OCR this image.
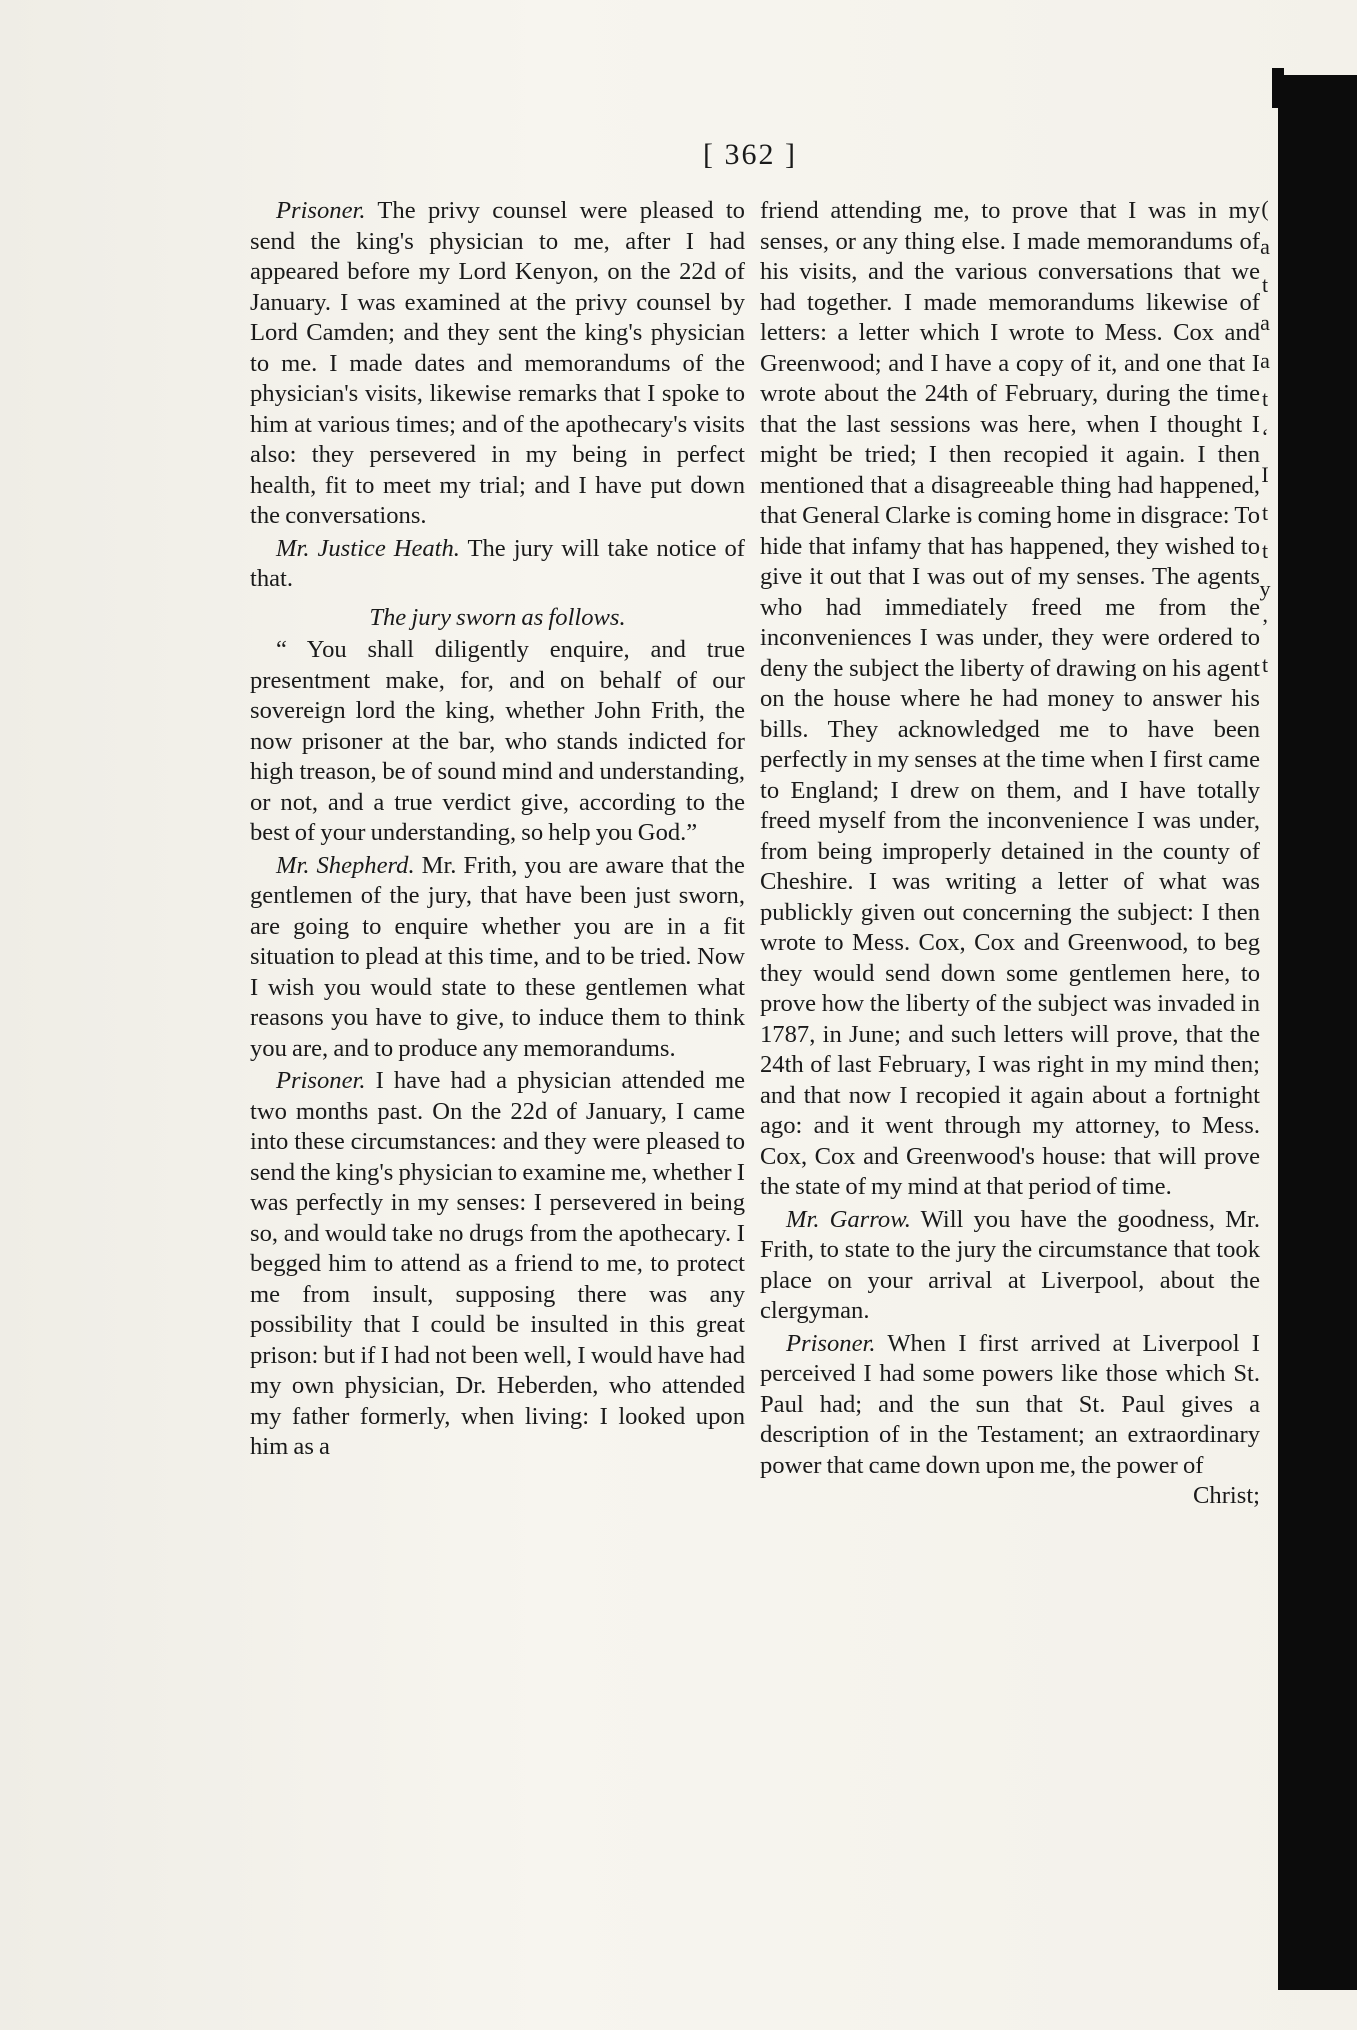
[ 362 ]

Prisoner. The privy counsel were pleased to send the king's physician to me, after I had appeared before my Lord Kenyon, on the 22d of January. I was examined at the privy counsel by Lord Camden; and they sent the king's physician to me. I made dates and memorandums of the physician's visits, likewise remarks that I spoke to him at various times; and of the apothecary's visits also: they persevered in my being in perfect health, fit to meet my trial; and I have put down the conversations.

Mr. Justice Heath. The jury will take notice of that.

The jury sworn as follows.

“ You shall diligently enquire, and true presentment make, for, and on behalf of our sovereign lord the king, whether John Frith, the now prisoner at the bar, who stands indicted for high treason, be of sound mind and understanding, or not, and a true verdict give, according to the best of your understanding, so help you God.”

Mr. Shepherd. Mr. Frith, you are aware that the gentlemen of the jury, that have been just sworn, are going to enquire whether you are in a fit situation to plead at this time, and to be tried. Now I wish you would state to these gentlemen what reasons you have to give, to induce them to think you are, and to produce any memorandums.

Prisoner. I have had a physician attended me two months past. On the 22d of January, I came into these circumstances: and they were pleased to send the king's physician to examine me, whether I was perfectly in my senses: I persevered in being so, and would take no drugs from the apothecary. I begged him to attend as a friend to me, to protect me from insult, supposing there was any possibility that I could be insulted in this great prison: but if I had not been well, I would have had my own physician, Dr. Heberden, who attended my father formerly, when living: I looked upon him as a

friend attending me, to prove that I was in my senses, or any thing else. I made memorandums of his visits, and the various conversations that we had together. I made memorandums likewise of letters: a letter which I wrote to Mess. Cox and Greenwood; and I have a copy of it, and one that I wrote about the 24th of February, during the time that the last sessions was here, when I thought I might be tried; I then recopied it again. I then mentioned that a disagreeable thing had happened, that General Clarke is coming home in disgrace: To hide that infamy that has happened, they wished to give it out that I was out of my senses. The agents who had immediately freed me from the inconveniences I was under, they were ordered to deny the subject the liberty of drawing on his agent on the house where he had money to answer his bills. They acknowledged me to have been perfectly in my senses at the time when I first came to England; I drew on them, and I have totally freed myself from the inconvenience I was under, from being improperly detained in the county of Cheshire. I was writing a letter of what was publickly given out concerning the subject: I then wrote to Mess. Cox, Cox and Greenwood, to beg they would send down some gentlemen here, to prove how the liberty of the subject was invaded in 1787, in June; and such letters will prove, that the 24th of last February, I was right in my mind then; and that now I recopied it again about a fortnight ago: and it went through my attorney, to Mess. Cox, Cox and Greenwood's house: that will prove the state of my mind at that period of time.

Mr. Garrow. Will you have the goodness, Mr. Frith, to state to the jury the circumstance that took place on your arrival at Liverpool, about the clergyman.

Prisoner. When I first arrived at Liverpool I perceived I had some powers like those which St. Paul had; and the sun that St. Paul gives a description of in the Testament; an extraordinary power that came down upon me, the power of

Christ;

(
a
t
a
a
t
‘
I
t
t
y
’
t
